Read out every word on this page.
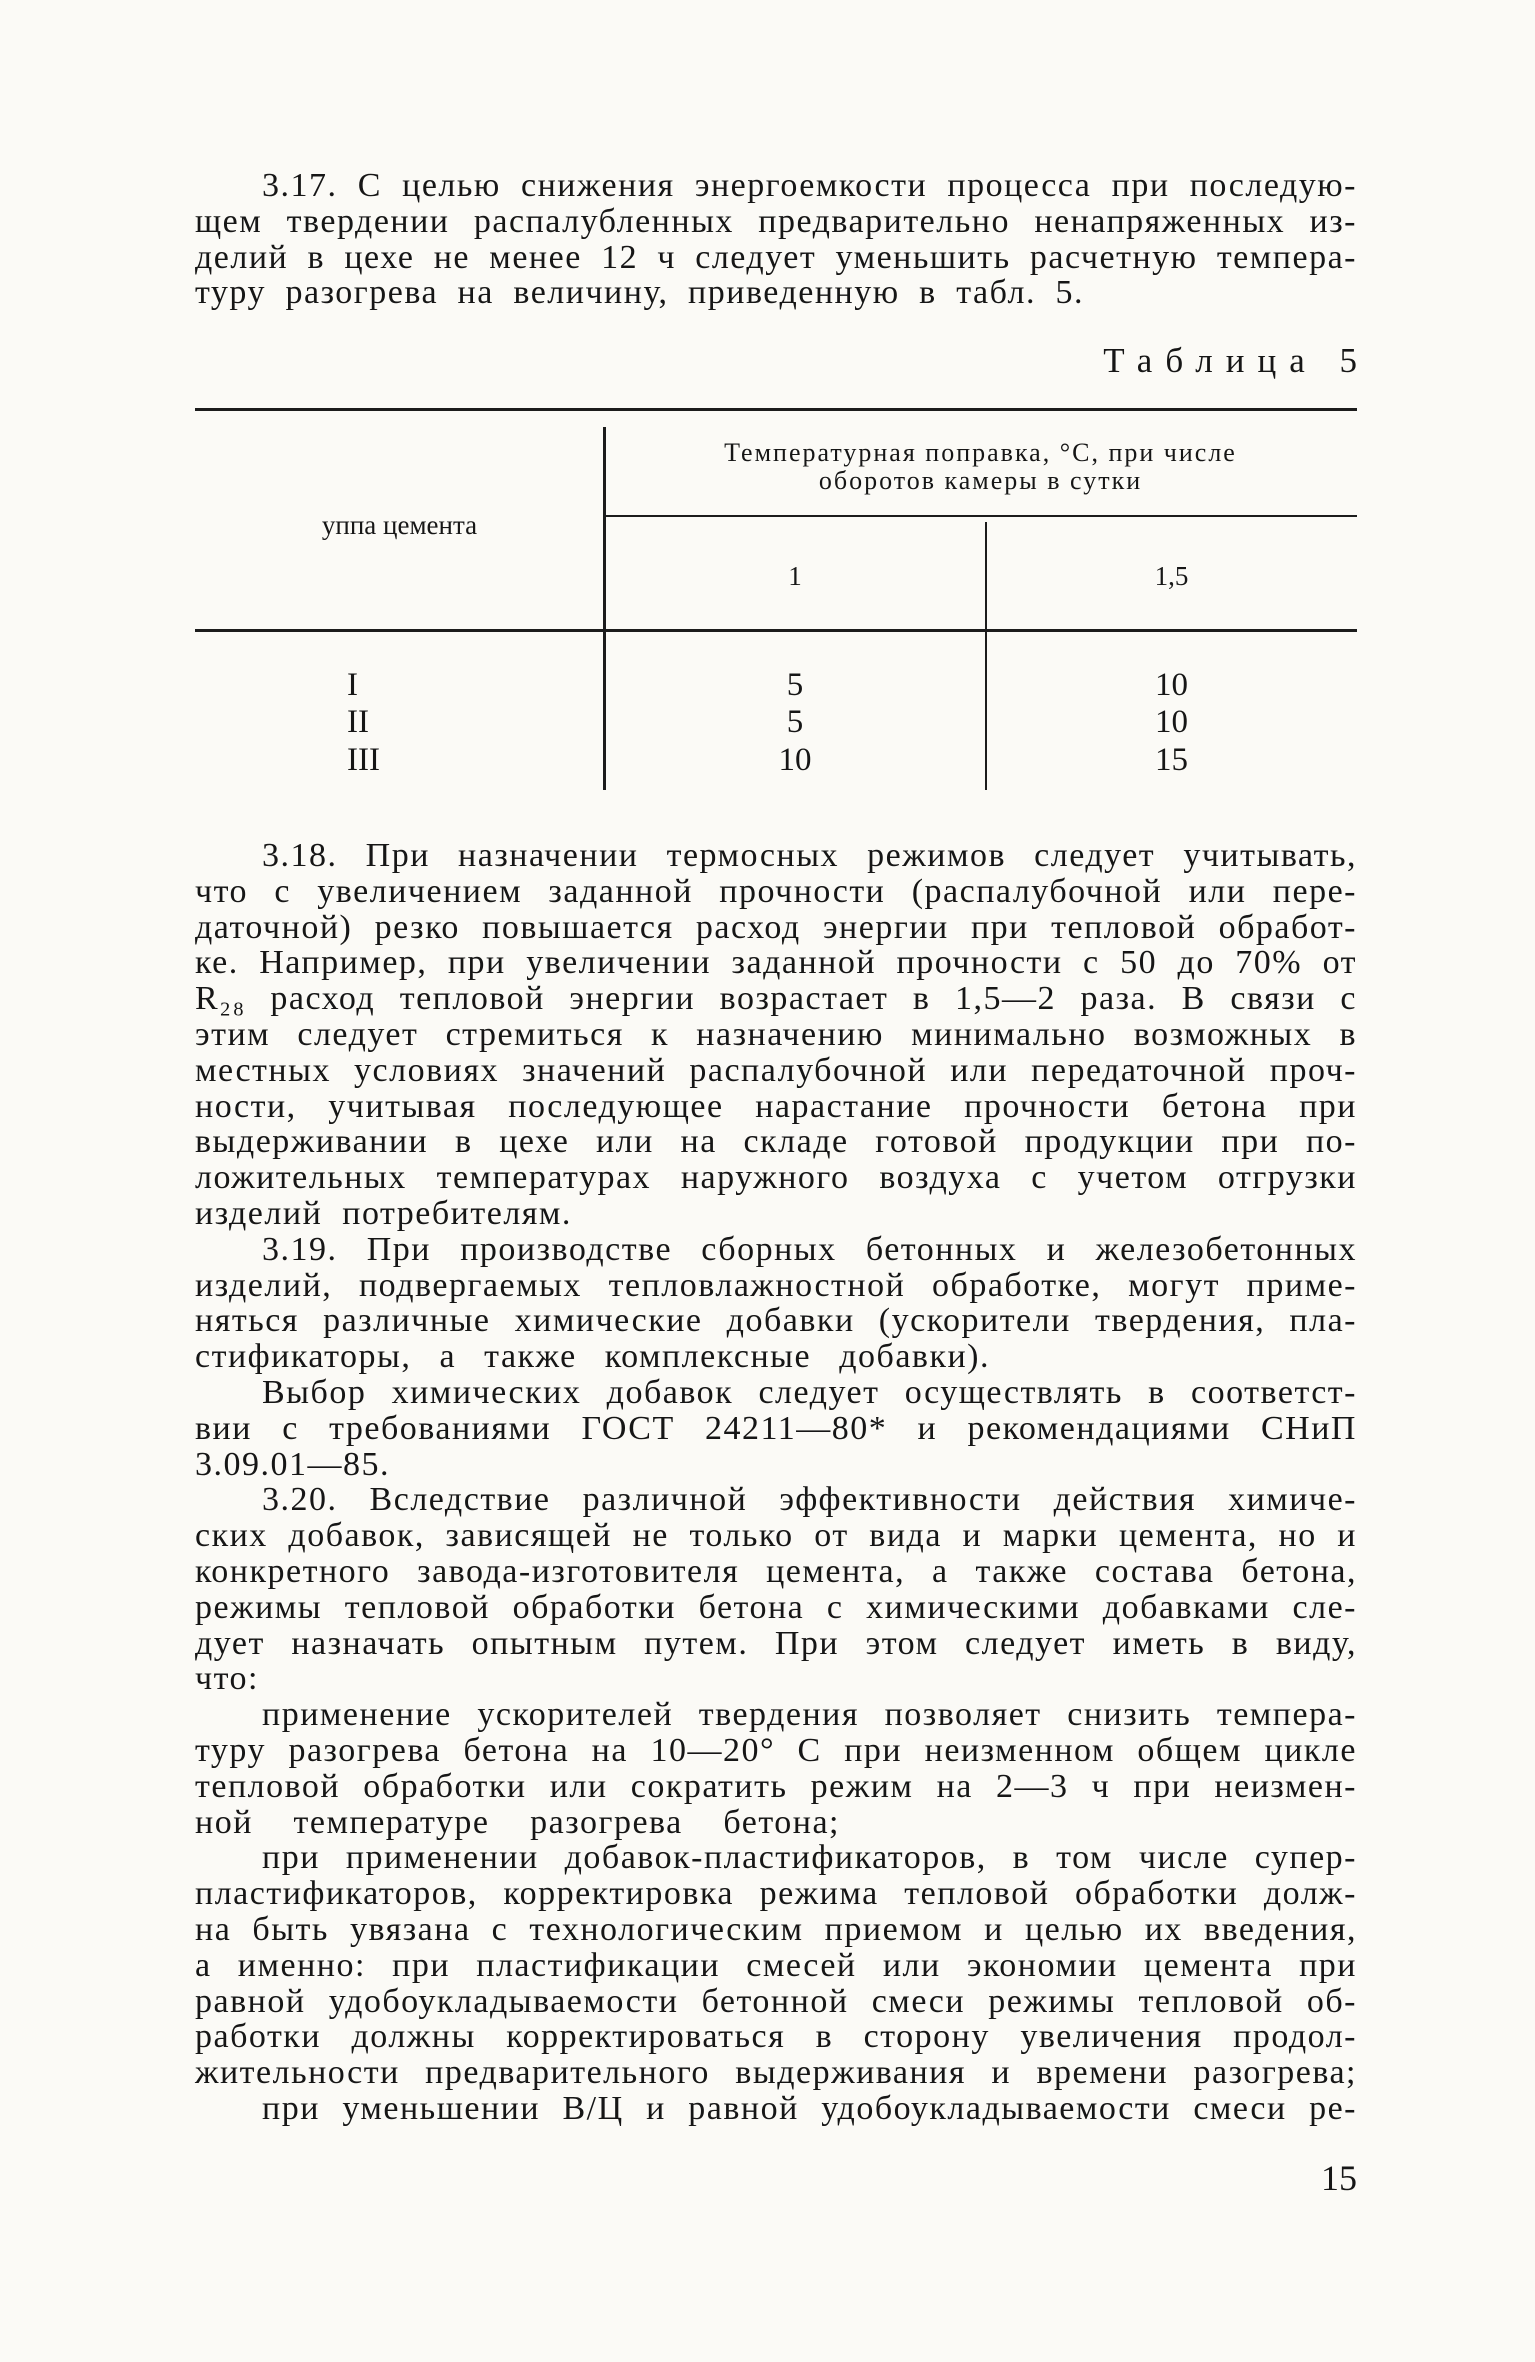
3.17. С целью снижения энергоемкости процесса при последую-
щем твердении распалубленных предварительно ненапряженных из-
делий в цехе не менее 12 ч следует уменьшить расчетную темпера-
туру разогрева на величину, приведенную в табл. 5.
Таблица 5
Температурная поправка, °C, при числе
оборотов камеры в сутки
уппа цемента
1	1,5
I	5	10
II	5	10
III	10	15
3.18. При назначении термосных режимов следует учитывать,
что с увеличением заданной прочности (распалубочной или пере-
даточной) резко повышается расход энергии при тепловой обработ-
ке. Например, при увеличении заданной прочности с 50 до 70% от
R₂₈ расход тепловой энергии возрастает в 1,5—2 раза. В связи с
этим следует стремиться к назначению минимально возможных в
местных условиях значений распалубочной или передаточной проч-
ности, учитывая последующее нарастание прочности бетона при
выдерживании в цехе или на складе готовой продукции при по-
ложительных температурах наружного воздуха с учетом отгрузки
изделий потребителям.
3.19. При производстве сборных бетонных и железобетонных
изделий, подвергаемых тепловлажностной обработке, могут приме-
няться различные химические добавки (ускорители твердения, пла-
стификаторы, а также комплексные добавки).
Выбор химических добавок следует осуществлять в соответст-
вии с требованиями ГОСТ 24211—80* и рекомендациями СНиП
3.09.01—85.
3.20. Вследствие различной эффективности действия химиче-
ских добавок, зависящей не только от вида и марки цемента, но и
конкретного завода-изготовителя цемента, а также состава бетона,
режимы тепловой обработки бетона с химическими добавками сле-
дует назначать опытным путем. При этом следует иметь в виду,
что:
применение ускорителей твердения позволяет снизить темпера-
туру разогрева бетона на 10—20° С при неизменном общем цикле
тепловой обработки или сократить режим на 2—3 ч при неизмен-
ной температуре разогрева бетона;
при применении добавок-пластификаторов, в том числе супер-
пластификаторов, корректировка режима тепловой обработки долж-
на быть увязана с технологическим приемом и целью их введения,
а именно: при пластификации смесей или экономии цемента при
равной удобоукладываемости бетонной смеси режимы тепловой об-
работки должны корректироваться в сторону увеличения продол-
жительности предварительного выдерживания и времени разогрева;
при уменьшении В/Ц и равной удобоукладываемости смеси ре-
15
